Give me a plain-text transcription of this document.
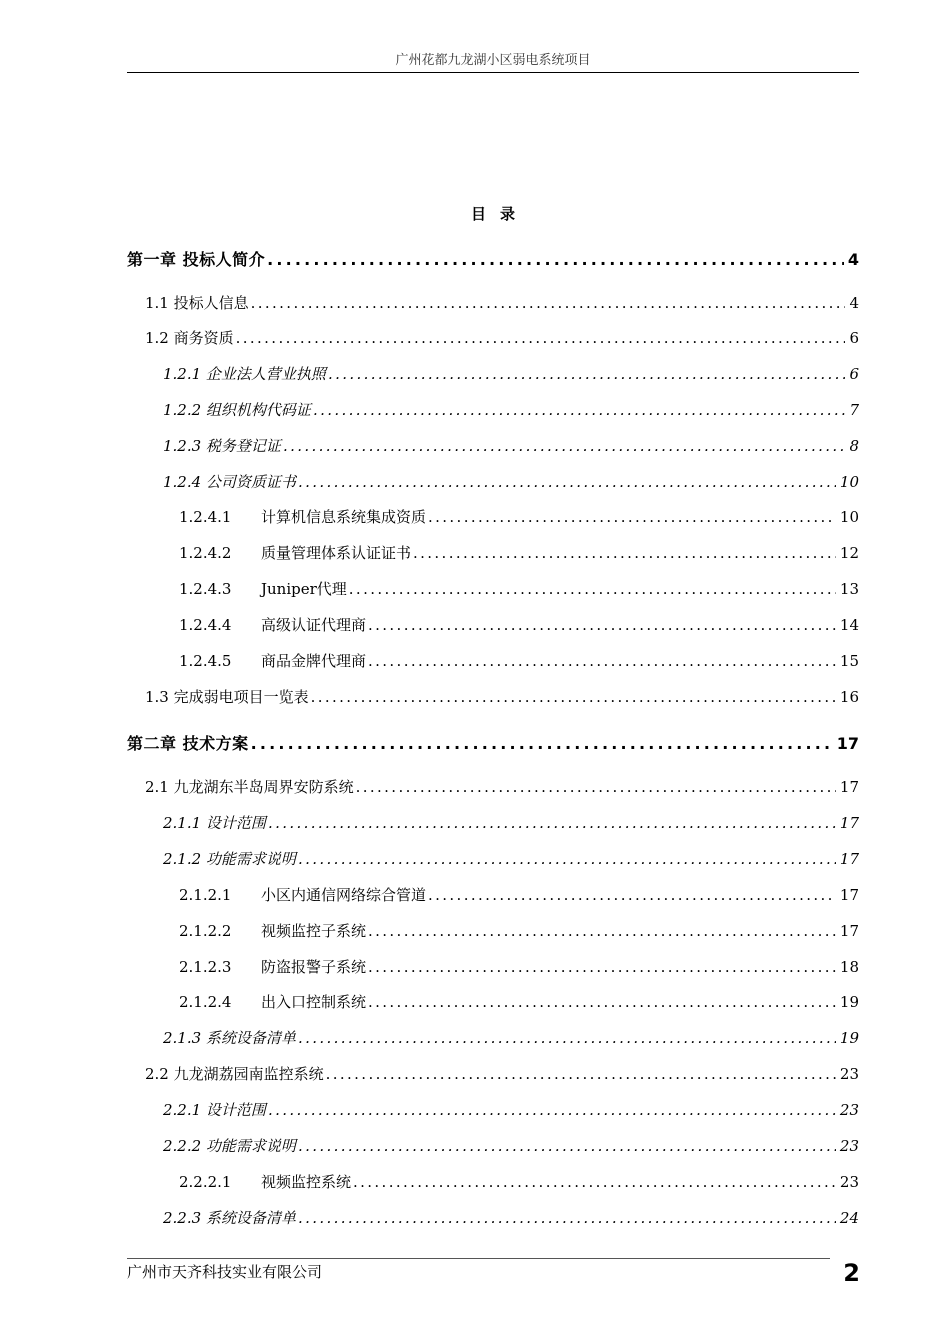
广州花都九龙湖小区弱电系统项目
目录
第一章 投标人简介 . . .	4
1.1 投标人信息 . . .	4
1.2 商务资质 . . .	6
1.2.1 企业法人营业执照 . . .	6
1.2.2 组织机构代码证 . . .	7
1.2.3 税务登记证 . . .	8
1.2.4 公司资质证书 . . .	10
1.2.4.1 计算机信息系统集成资质 . . .	10
1.2.4.2 质量管理体系认证证书 . . .	12
1.2.4.3 Juniper代理 . . .	13
1.2.4.4 高级认证代理商 . . .	14
1.2.4.5 商品金牌代理商 . . .	15
1.3 完成弱电项目一览表 . . .	16
第二章 技术方案 . . .	17
2.1 九龙湖东半岛周界安防系统 . . .	17
2.1.1 设计范围 . . .	17
2.1.2 功能需求说明 . . .	17
2.1.2.1 小区内通信网络综合管道 . . .	17
2.1.2.2 视频监控子系统 . . .	17
2.1.2.3 防盗报警子系统 . . .	18
2.1.2.4 出入口控制系统 . . .	19
2.1.3 系统设备清单 . . .	19
2.2 九龙湖荔园南监控系统 . . .	23
2.2.1 设计范围 . . .	23
2.2.2 功能需求说明 . . .	23
2.2.2.1 视频监控系统 . . .	23
2.2.3 系统设备清单 . . .	24
广州市天齐科技实业有限公司	2
